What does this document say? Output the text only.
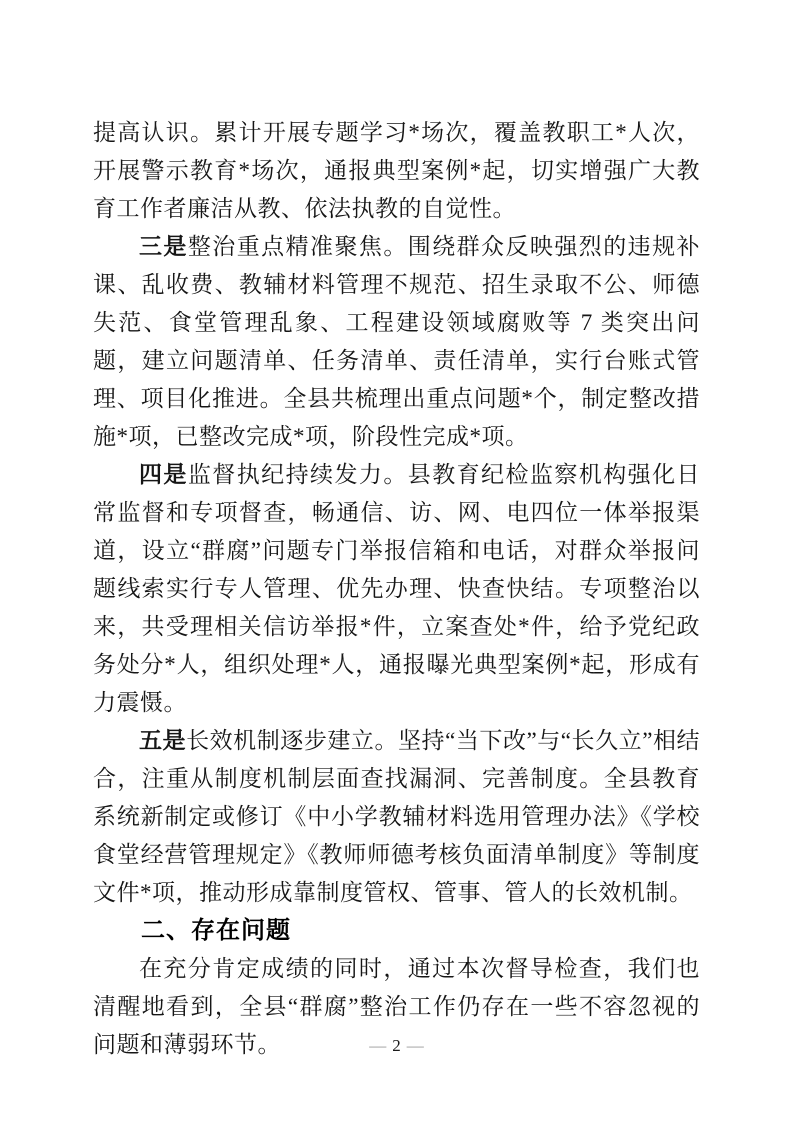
提高认识。累计开展专题学习*场次，覆盖教职工*人次，开展警示教育*场次，通报典型案例*起，切实增强广大教育工作者廉洁从教、依法执教的自觉性。

三是整治重点精准聚焦。围绕群众反映强烈的违规补课、乱收费、教辅材料管理不规范、招生录取不公、师德失范、食堂管理乱象、工程建设领域腐败等 7 类突出问题，建立问题清单、任务清单、责任清单，实行台账式管理、项目化推进。全县共梳理出重点问题*个，制定整改措施*项，已整改完成*项，阶段性完成*项。

四是监督执纪持续发力。县教育纪检监察机构强化日常监督和专项督查，畅通信、访、网、电四位一体举报渠道，设立“群腐”问题专门举报信箱和电话，对群众举报问题线索实行专人管理、优先办理、快查快结。专项整治以来，共受理相关信访举报*件，立案查处*件，给予党纪政务处分*人，组织处理*人，通报曝光典型案例*起，形成有力震慑。

五是长效机制逐步建立。坚持“当下改”与“长久立”相结合，注重从制度机制层面查找漏洞、完善制度。全县教育系统新制定或修订《中小学教辅材料选用管理办法》《学校食堂经营管理规定》《教师师德考核负面清单制度》等制度文件*项，推动形成靠制度管权、管事、管人的长效机制。

二、存在问题

在充分肯定成绩的同时，通过本次督导检查，我们也清醒地看到，全县“群腐”整治工作仍存在一些不容忽视的问题和薄弱环节。	— 2 —
